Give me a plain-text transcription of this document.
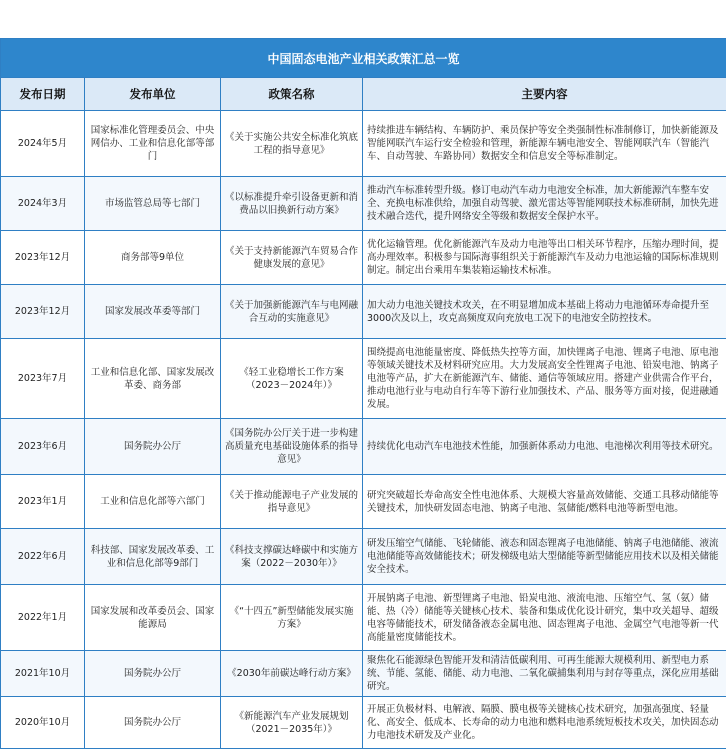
中国固态电池产业相关政策汇总一览			
发布日期	发布单位	政策名称	主要内容
2024年5月	国家标准化管理委员会、中央网信办、工业和信息化部等部门	《关于实施公共安全标准化筑底工程的指导意见》	持续推进车辆结构、车辆防护、乘员保护等安全类强制性标准制修订，加快新能源及智能网联汽车运行安全检验和管理，新能源车辆电池安全、智能网联汽车（智能汽车、自动驾驶、车路协同）数据安全和信息安全等标准制定。
2024年3月	市场监管总局等七部门	《以标准提升牵引设备更新和消费品以旧换新行动方案》	推动汽车标准转型升级。修订电动汽车动力电池安全标准，加大新能源汽车整车安全、充换电标准供给，加强自动驾驶、激光雷达等智能网联技术标准研制，加快先进技术融合迭代，提升网络安全等级和数据安全保护水平。
2023年12月	商务部等9单位	《关于支持新能源汽车贸易合作健康发展的意见》	优化运输管理。优化新能源汽车及动力电池等出口相关环节程序，压缩办理时间，提高办理效率。积极参与国际海事组织关于新能源汽车及动力电池运输的国际标准规则制定。制定出台乘用车集装箱运输技术标准。
2023年12月	国家发展改革委等部门	《关于加强新能源汽车与电网融合互动的实施意见》	加大动力电池关键技术攻关，在不明显增加成本基础上将动力电池循环寿命提升至3000次及以上，攻克高频度双向充放电工况下的电池安全防控技术。
2023年7月	工业和信息化部、国家发展改革委、商务部	《轻工业稳增长工作方案（2023－2024年）》	围绕提高电池能量密度、降低热失控等方面，加快锂离子电池、锂离子电池、原电池等领域关键技术及材料研究应用。大力发展高安全性锂离子电池、铅炭电池、钠离子电池等产品，扩大在新能源汽车、储能、通信等领域应用。搭建产业供需合作平台，推动电池行业与电动自行车等下游行业加强技术、产品、服务等方面对接，促进融通发展。
2023年6月	国务院办公厅	《国务院办公厅关于进一步构建高质量充电基础设施体系的指导意见》	持续优化电动汽车电池技术性能，加强新体系动力电池、电池梯次利用等技术研究。
2023年1月	工业和信息化部等六部门	《关于推动能源电子产业发展的指导意见》	研究突破超长寿命高安全性电池体系、大规模大容量高效储能、交通工具移动储能等关键技术，加快研发固态电池、钠离子电池、氢储能/燃料电池等新型电池。
2022年6月	科技部、国家发展改革委、工业和信息化部等9部门	《科技支撑碳达峰碳中和实施方案（2022－2030年）》	研发压缩空气储能、飞轮储能、液态和固态锂离子电池储能、钠离子电池储能、液流电池储能等高效储能技术；研发梯级电站大型储能等新型储能应用技术以及相关储能安全技术。
2022年1月	国家发展和改革委员会、国家能源局	《“十四五”新型储能发展实施方案》	开展钠离子电池、新型锂离子电池、铅炭电池、液流电池、压缩空气、氢（氨）储能、热（冷）储能等关键核心技术、装备和集成优化设计研究，集中攻关超导、超级电容等储能技术，研发储备液态金属电池、固态锂离子电池、金属空气电池等新一代高能量密度储能技术。
2021年10月	国务院办公厅	《2030年前碳达峰行动方案》	聚焦化石能源绿色智能开发和清洁低碳利用、可再生能源大规模利用、新型电力系统、节能、氢能、储能、动力电池、二氧化碳捕集利用与封存等重点，深化应用基础研究。
2020年10月	国务院办公厅	《新能源汽车产业发展规划（2021－2035年）》	开展正负极材料、电解液、隔膜、膜电极等关键核心技术研究，加强高强度、轻量化、高安全、低成本、长寿命的动力电池和燃料电池系统短板技术攻关，加快固态动力电池技术研发及产业化。
